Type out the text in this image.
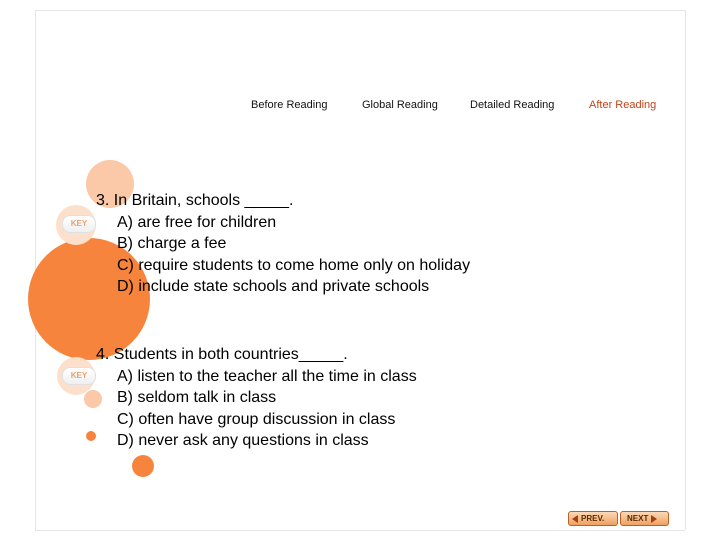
Before Reading	Global Reading	Detailed Reading	After Reading
KEY
KEY
3. In Britain, schools _____.
A) are free for children
B) charge a fee
C) require students to come home only on holiday
D) include state schools and private schools
4. Students in both countries_____.
A) listen to the teacher all the time in class
B) seldom talk in class
C) often have group discussion in class
D) never ask any questions in class
PREV.	NEXT
